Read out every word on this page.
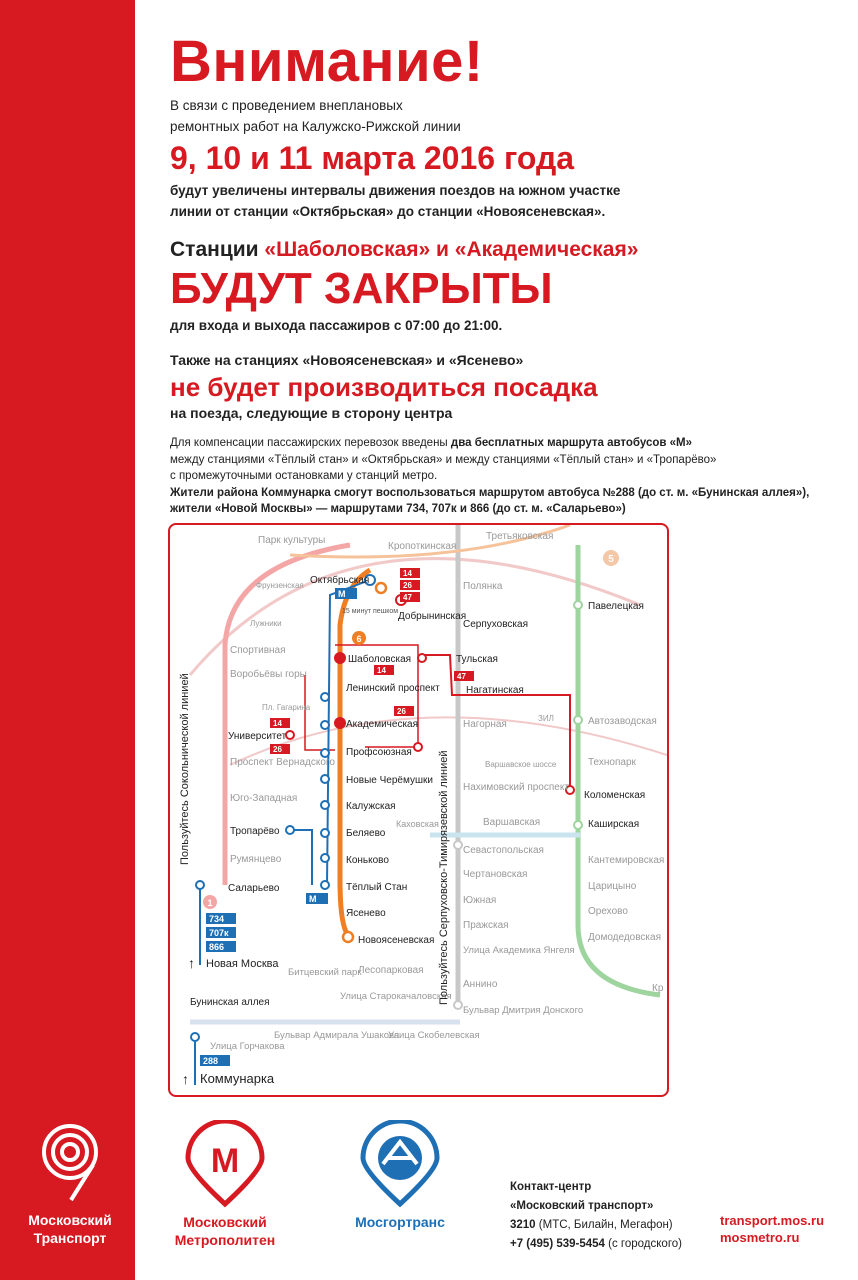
Внимание!
В связи с проведением внеплановых
ремонтных работ на Калужско-Рижской линии
9, 10 и 11 марта 2016 года
будут увеличены интервалы движения поездов на южном участке
линии от станции «Октябрьская» до станции «Новоясеневская».
Станции «Шаболовская» и «Академическая»
БУДУТ ЗАКРЫТЫ
для входа и выхода пассажиров с 07:00 до 21:00.
Также на станциях «Новоясеневская» и «Ясенево»
не будет производиться посадка
на поезда, следующие в сторону центра
Для компенсации пассажирских перевозок введены два бесплатных маршрута автобусов «М»
между станциями «Тёплый стан» и «Октябрьская» и между станциями «Тёплый стан» и «Тропарёво»
с промежуточными остановками у станций метро.
Жители района Коммунарка смогут воспользоваться маршрутом автобуса №288 (до ст. м. «Бунинская аллея»),
жители «Новой Москвы» — маршрутами 734, 707к и 866 (до ст. м. «Саларьево»)
5
6
1
Парк культуры
Кропоткинская
Третьяковская
Октябрьская
Фрунзенская	Полянка
Добрынинская
Павелецкая
Лужники
Спортивная
Серпуховская
Воробьёвы горы
Шаболовская	Тульская
Ленинский проспект	Нагатинская
Пл. Гагарина
Университет
Академическая	Нагорная	Автозаводская
ЗИЛ
Проспект Вернадского
Профсоюзная
Технопарк
Варшавское шоссе
Юго-Западная
Новые Черёмушки
Нахимовский проспект
Коломенская
Калужская
Тропарёво
Варшавская
Беляево
Каширская
Каховская
Румянцево
Севастопольская
Кантемировская
Коньково
Чертановская
Царицыно
Саларьево	Тёплый Стан
Южная
Орехово
Ясенево
Пражская
Домодедовская
Новоясеневская
Улица Академика Янгеля
Новая Москва
Битцевский парк
Лесопарковая
Аннино
Улица Старокачаловская
Бульвар Дмитрия Донского
Бунинская аллея
Улица Горчакова
Бульвар Адмирала Ушакова
Улица Скобелевская
Коммунарка
Кр
15 минут пешком
Пользуйтесь Сокольнической линией	Пользуйтесь Серпуховско-Тимирязевской линией
14
26
47
14
47
26
14
26
М
М
734
707к
866
288
↑
↑
Московский
Транспорт
М
Московский
Метрополитен
Мосгортранс
Контакт-центр
«Московский транспорт»
3210 (МТС, Билайн, Мегафон)
+7 (495) 539-5454 (с городского)
transport.mos.ru
mosmetro.ru
